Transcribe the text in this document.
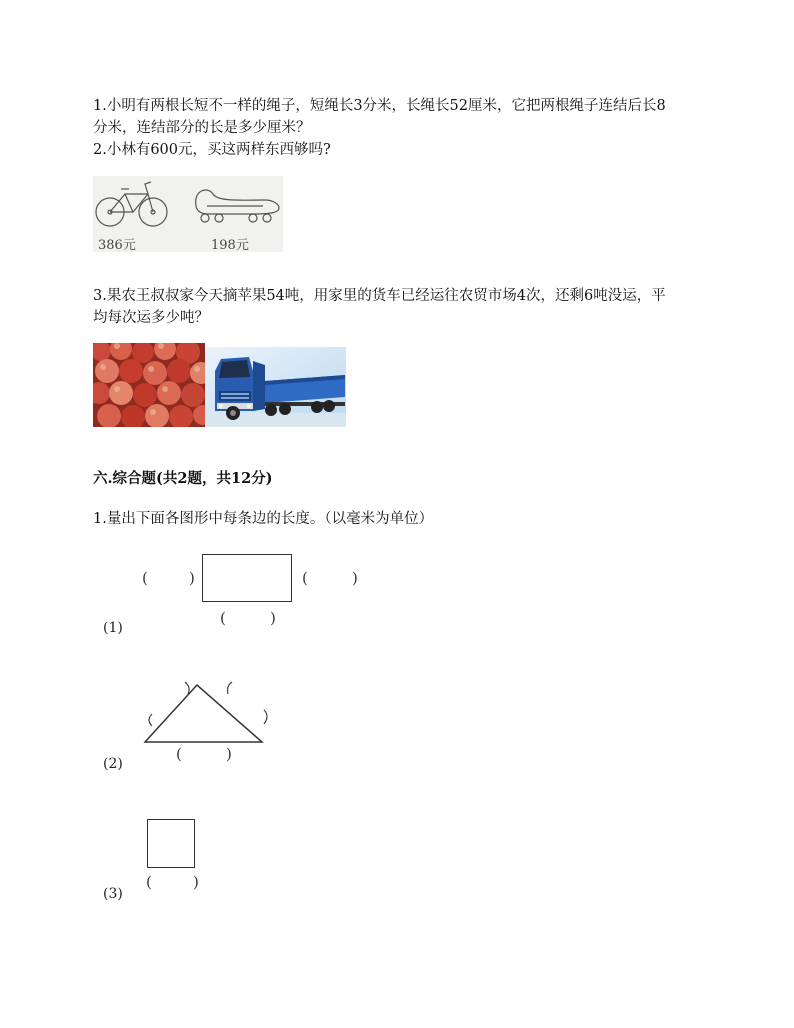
1.小明有两根长短不一样的绳子，短绳长3分米，长绳长52厘米，它把两根绳子连结后长8
分米，连结部分的长是多少厘米？
2.小林有600元，买这两样东西够吗?
386元	198元
3.果农王叔叔家今天摘苹果54吨，用家里的货车已经运往农贸市场4次，还剩6吨没运，平
均每次运多少吨？
六.综合题(共2题，共12分)
1.量出下面各图形中每条边的长度。（以毫米为单位）
(	)	(	)
(	)
(1)
(	)
(2)
(	)
(3)
